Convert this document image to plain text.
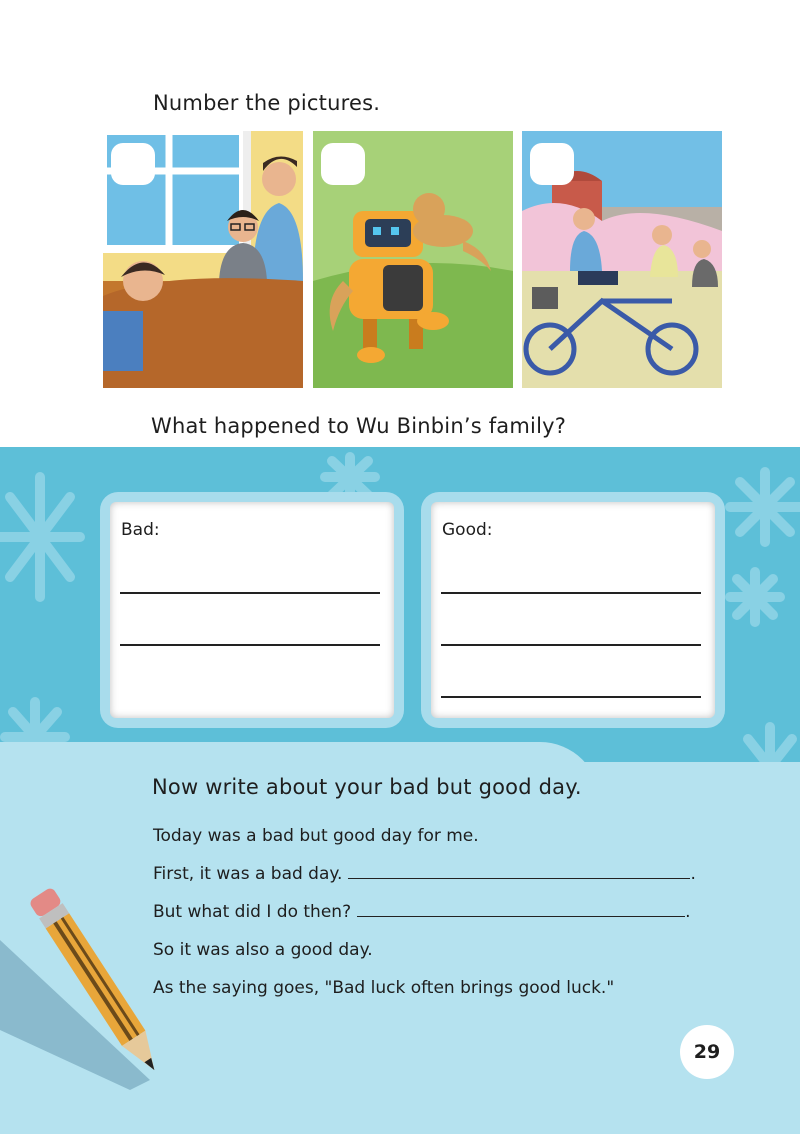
Number the pictures.
What happened to Wu Binbin’s family?
Bad:	Good:
Now write about your bad but good day.
Today was a bad but good day for me.
First, it was a bad day.	.
But what did I do then?	.
So it was also a good day.
As the saying goes, "Bad luck often brings good luck."
29
